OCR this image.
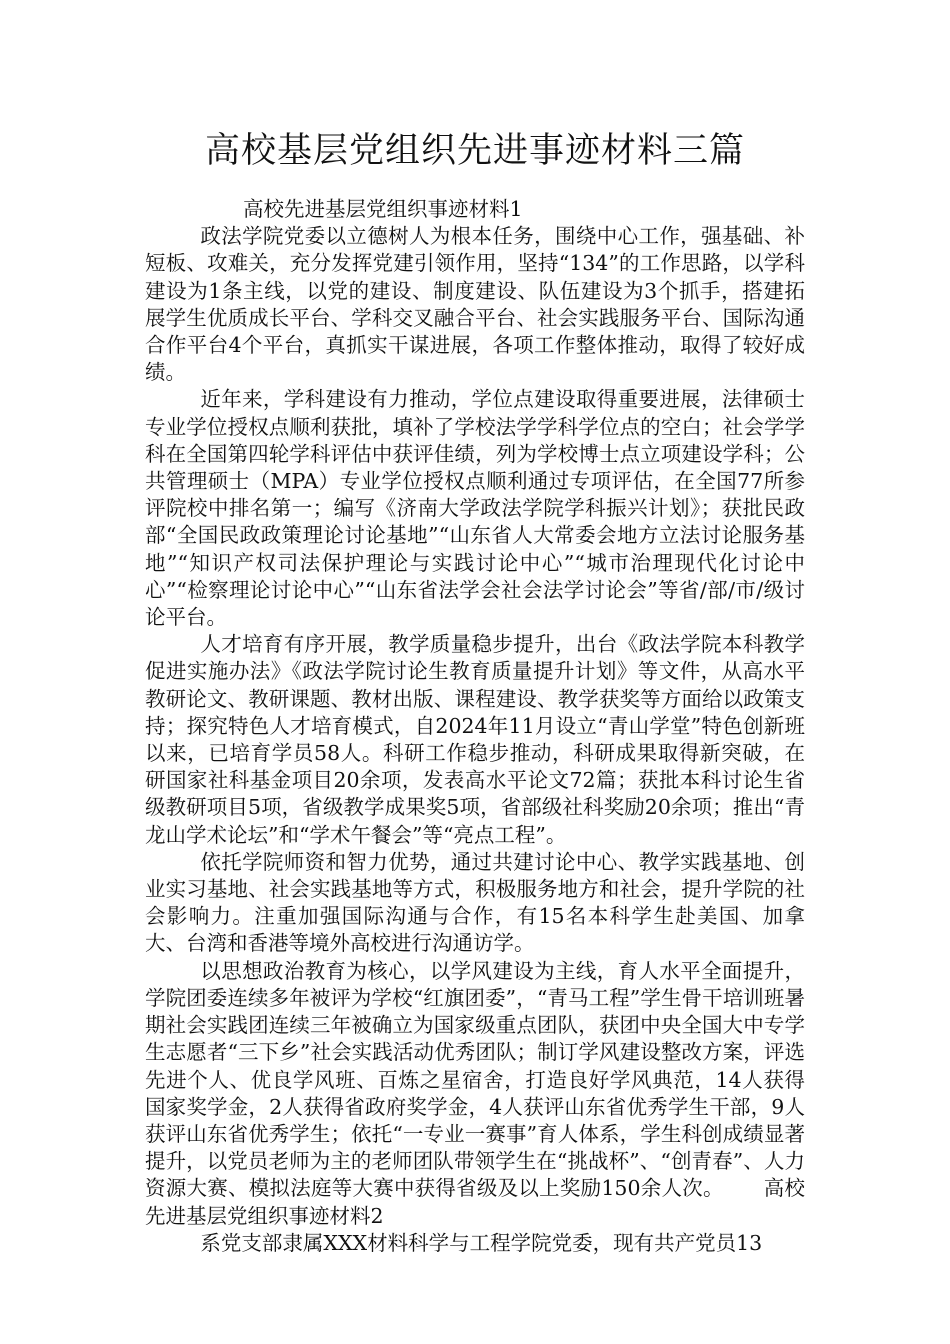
高校基层党组织先进事迹材料三篇

高校先进基层党组织事迹材料1

政法学院党委以立德树人为根本任务，围绕中心工作，强基础、补短板、攻难关，充分发挥党建引领作用，坚持“134”的工作思路，以学科建设为1条主线，以党的建设、制度建设、队伍建设为3个抓手，搭建拓展学生优质成长平台、学科交叉融合平台、社会实践服务平台、国际沟通合作平台4个平台，真抓实干谋进展，各项工作整体推动，取得了较好成绩。

近年来，学科建设有力推动，学位点建设取得重要进展，法律硕士专业学位授权点顺利获批，填补了学校法学学科学位点的空白；社会学学科在全国第四轮学科评估中获评佳绩，列为学校博士点立项建设学科；公共管理硕士（MPA）专业学位授权点顺利通过专项评估，在全国77所参评院校中排名第一；编写《济南大学政法学院学科振兴计划》；获批民政部“全国民政政策理论讨论基地”“山东省人大常委会地方立法讨论服务基地”“知识产权司法保护理论与实践讨论中心”“城市治理现代化讨论中心”“检察理论讨论中心”“山东省法学会社会法学讨论会”等省/部/市/级讨论平台。

人才培育有序开展，教学质量稳步提升，出台《政法学院本科教学促进实施办法》《政法学院讨论生教育质量提升计划》等文件，从高水平教研论文、教研课题、教材出版、课程建设、教学获奖等方面给以政策支持；探究特色人才培育模式，自2024年11月设立“青山学堂”特色创新班以来，已培育学员58人。科研工作稳步推动，科研成果取得新突破，在研国家社科基金项目20余项，发表高水平论文72篇；获批本科讨论生省级教研项目5项，省级教学成果奖5项，省部级社科奖励20余项；推出“青龙山学术论坛”和“学术午餐会”等“亮点工程”。

依托学院师资和智力优势，通过共建讨论中心、教学实践基地、创业实习基地、社会实践基地等方式，积极服务地方和社会，提升学院的社会影响力。注重加强国际沟通与合作，有15名本科学生赴美国、加拿大、台湾和香港等境外高校进行沟通访学。

以思想政治教育为核心，以学风建设为主线，育人水平全面提升，学院团委连续多年被评为学校“红旗团委”，“青马工程”学生骨干培训班暑期社会实践团连续三年被确立为国家级重点团队，获团中央全国大中专学生志愿者“三下乡”社会实践活动优秀团队；制订学风建设整改方案，评选先进个人、优良学风班、百炼之星宿舍，打造良好学风典范，14人获得国家奖学金，2人获得省政府奖学金，4人获评山东省优秀学生干部，9人获评山东省优秀学生；依托“一专业一赛事”育人体系，学生科创成绩显著提升，以党员老师为主的老师团队带领学生在“挑战杯”、“创青春”、人力资源大赛、模拟法庭等大赛中获得省级及以上奖励150余人次。 高校先进基层党组织事迹材料2

系党支部隶属XXX材料科学与工程学院党委，现有共产党员13
